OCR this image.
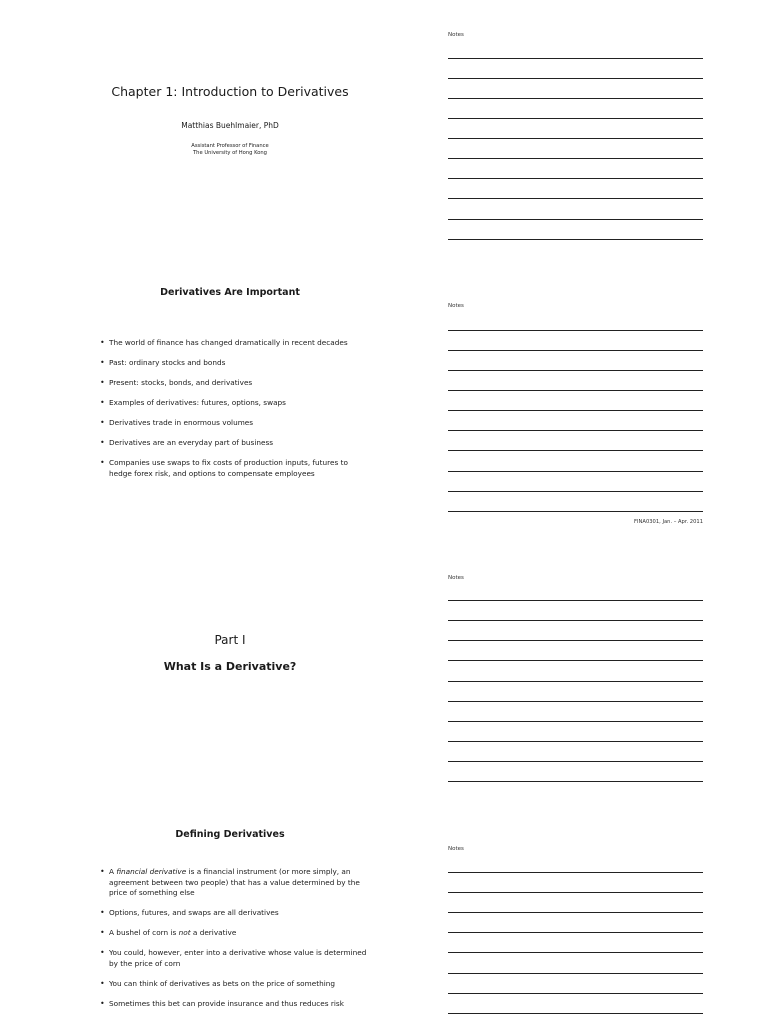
Chapter 1: Introduction to Derivatives
Matthias Buehlmaier, PhD
Assistant Professor of Finance
The University of Hong Kong
Notes
Derivatives Are Important
• The world of finance has changed dramatically in recent decades
• Past: ordinary stocks and bonds
• Present: stocks, bonds, and derivatives
• Examples of derivatives: futures, options, swaps
• Derivatives trade in enormous volumes
• Derivatives are an everyday part of business
• Companies use swaps to fix costs of production inputs, futures to hedge forex risk, and options to compensate employees
Notes
FINA0301, Jan. – Apr. 2011
Part I
What Is a Derivative?
Notes
Defining Derivatives
• A financial derivative is a financial instrument (or more simply, an agreement between two people) that has a value determined by the price of something else
• Options, futures, and swaps are all derivatives
• A bushel of corn is not a derivative
• You could, however, enter into a derivative whose value is determined by the price of corn
• You can think of derivatives as bets on the price of something
• Sometimes this bet can provide insurance and thus reduces risk
Notes
